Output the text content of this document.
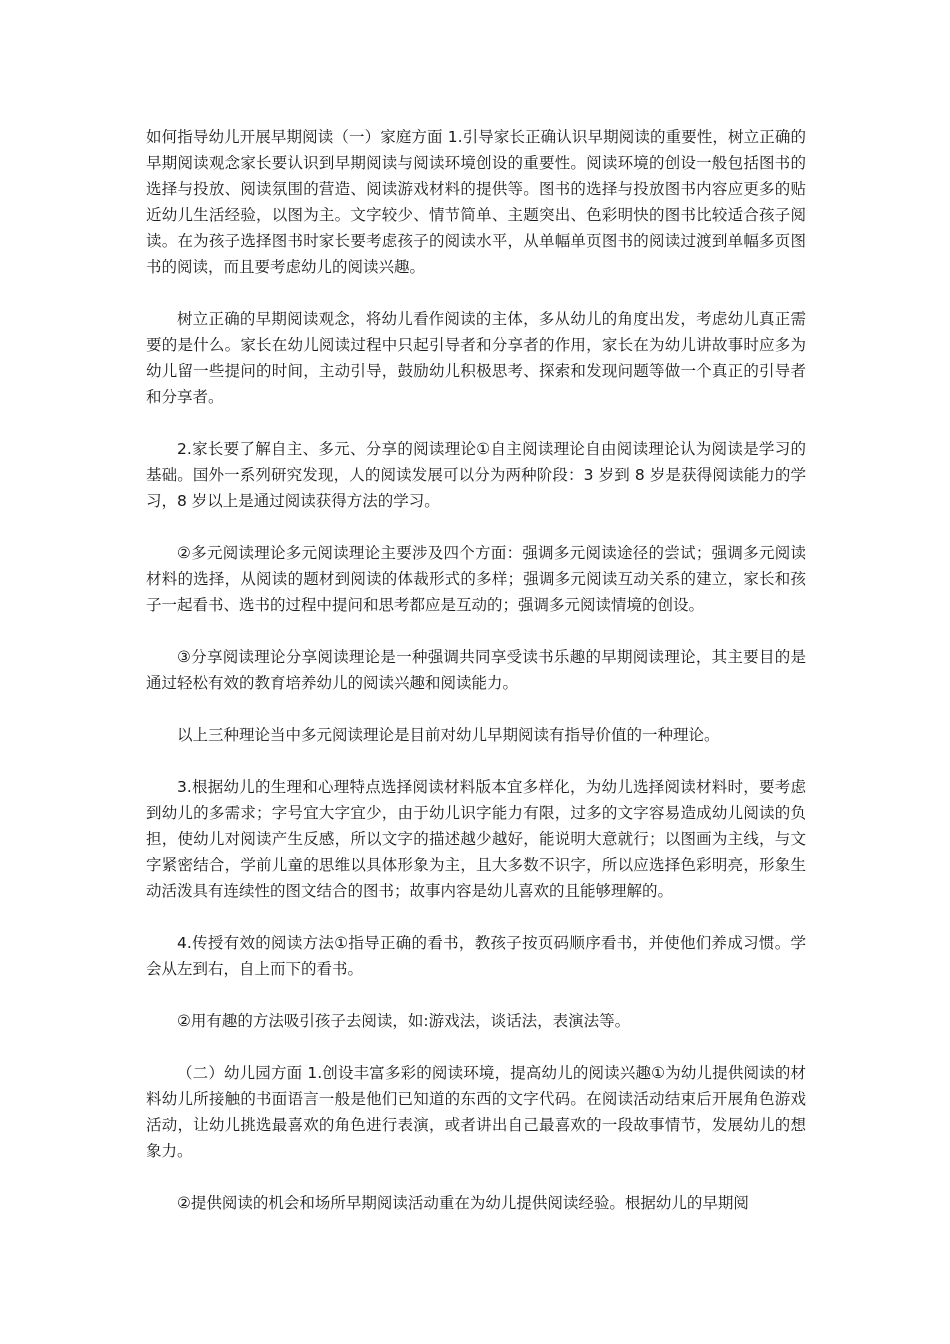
如何指导幼儿开展早期阅读（一）家庭方面 1.引导家长正确认识早期阅读的重要性，树立正确的早期阅读观念家长要认识到早期阅读与阅读环境创设的重要性。阅读环境的创设一般包括图书的选择与投放、阅读氛围的营造、阅读游戏材料的提供等。图书的选择与投放图书内容应更多的贴近幼儿生活经验，以图为主。文字较少、情节简单、主题突出、色彩明快的图书比较适合孩子阅读。在为孩子选择图书时家长要考虑孩子的阅读水平，从单幅单页图书的阅读过渡到单幅多页图书的阅读，而且要考虑幼儿的阅读兴趣。

树立正确的早期阅读观念，将幼儿看作阅读的主体，多从幼儿的角度出发，考虑幼儿真正需要的是什么。家长在幼儿阅读过程中只起引导者和分享者的作用，家长在为幼儿讲故事时应多为幼儿留一些提问的时间，主动引导，鼓励幼儿积极思考、探索和发现问题等做一个真正的引导者和分享者。

2.家长要了解自主、多元、分享的阅读理论①自主阅读理论自由阅读理论认为阅读是学习的基础。国外一系列研究发现，人的阅读发展可以分为两种阶段：3 岁到 8 岁是获得阅读能力的学习，8 岁以上是通过阅读获得方法的学习。

②多元阅读理论多元阅读理论主要涉及四个方面：强调多元阅读途径的尝试；强调多元阅读材料的选择，从阅读的题材到阅读的体裁形式的多样；强调多元阅读互动关系的建立，家长和孩子一起看书、选书的过程中提问和思考都应是互动的；强调多元阅读情境的创设。

③分享阅读理论分享阅读理论是一种强调共同享受读书乐趣的早期阅读理论，其主要目的是通过轻松有效的教育培养幼儿的阅读兴趣和阅读能力。

以上三种理论当中多元阅读理论是目前对幼儿早期阅读有指导价值的一种理论。

3.根据幼儿的生理和心理特点选择阅读材料版本宜多样化，为幼儿选择阅读材料时，要考虑到幼儿的多需求；字号宜大字宜少，由于幼儿识字能力有限，过多的文字容易造成幼儿阅读的负担，使幼儿对阅读产生反感，所以文字的描述越少越好，能说明大意就行；以图画为主线，与文字紧密结合，学前儿童的思维以具体形象为主，且大多数不识字，所以应选择色彩明亮，形象生动活泼具有连续性的图文结合的图书；故事内容是幼儿喜欢的且能够理解的。

4.传授有效的阅读方法①指导正确的看书，教孩子按页码顺序看书，并使他们养成习惯。学会从左到右，自上而下的看书。

②用有趣的方法吸引孩子去阅读，如:游戏法，谈话法，表演法等。

（二）幼儿园方面 1.创设丰富多彩的阅读环境，提高幼儿的阅读兴趣①为幼儿提供阅读的材料幼儿所接触的书面语言一般是他们已知道的东西的文字代码。在阅读活动结束后开展角色游戏活动，让幼儿挑选最喜欢的角色进行表演，或者讲出自己最喜欢的一段故事情节，发展幼儿的想象力。

②提供阅读的机会和场所早期阅读活动重在为幼儿提供阅读经验。根据幼儿的早期阅
